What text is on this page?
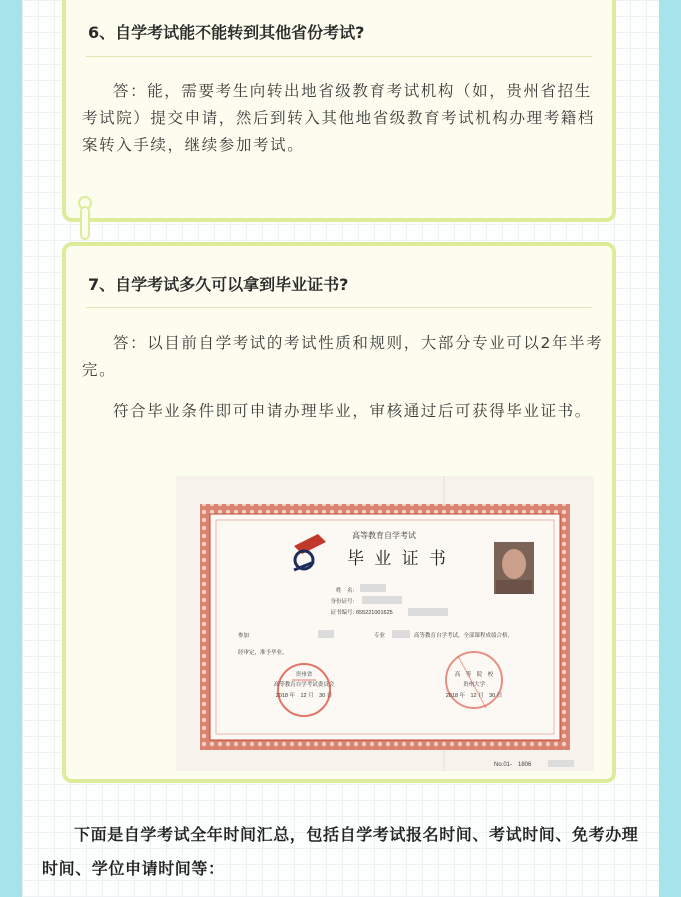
6、自学考试能不能转到其他省份考试?

答：能，需要考生向转出地省级教育考试机构（如，贵州省招生考试院）提交申请，然后到转入其他地省级教育考试机构办理考籍档案转入手续，继续参加考试。

7、自学考试多久可以拿到毕业证书?

答：以目前自学考试的考试性质和规则，大部分专业可以2年半考完。

符合毕业条件即可申请办理毕业，审核通过后可获得毕业证书。

高等教育自学考试
毕 业 证 书
姓　名:
身份证号:
证书编号: 655221001625
参加	专业	高等教育自学考试，全部课程成绩合格,
经审定，准予毕业。
贵州省
高等教育自学考试委员会
2018 年　12 月　30 日
高　等　院　校
贵州大学
2018 年　12 月　30 日
No.01-　1806

下面是自学考试全年时间汇总，包括自学考试报名时间、考试时间、免考办理时间、学位申请时间等：
